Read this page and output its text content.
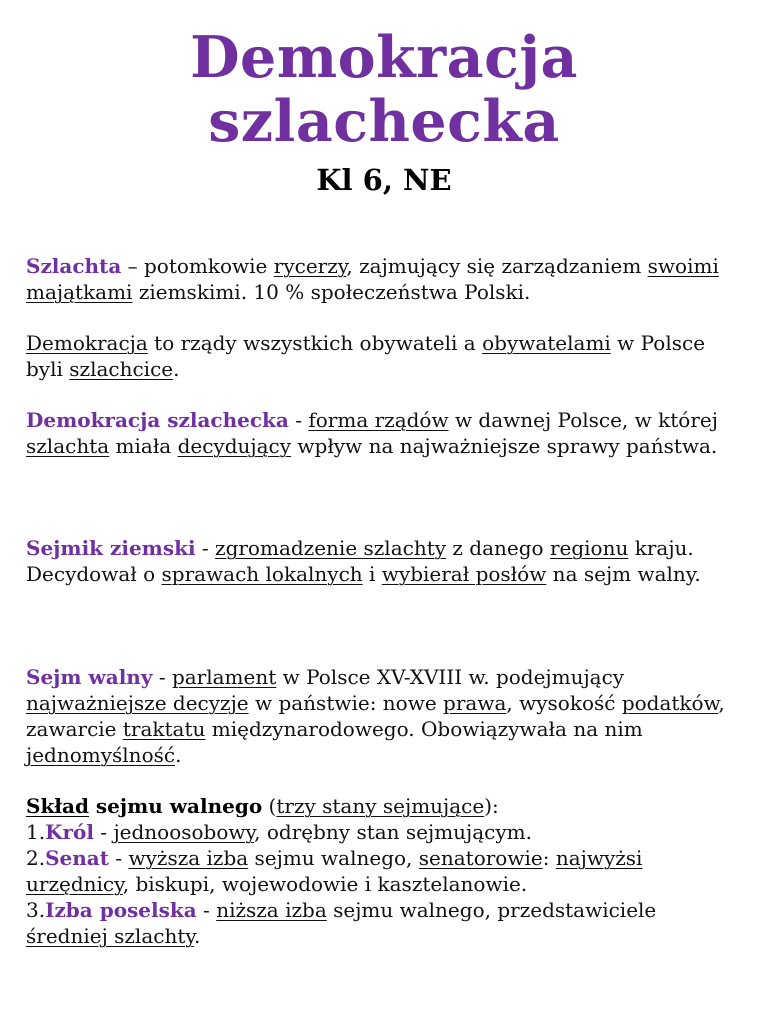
Demokracja
szlachecka
Kl 6, NE

Szlachta – potomkowie rycerzy, zajmujący się zarządzaniem swoimi majątkami ziemskimi. 10 % społeczeństwa Polski.

Demokracja to rządy wszystkich obywateli a obywatelami w Polsce byli szlachcice.

Demokracja szlachecka - forma rządów w dawnej Polsce, w której szlachta miała decydujący wpływ na najważniejsze sprawy państwa.

Sejmik ziemski - zgromadzenie szlachty z danego regionu kraju. Decydował o sprawach lokalnych i wybierał posłów na sejm walny.

Sejm walny - parlament w Polsce XV-XVIII w. podejmujący najważniejsze decyzje w państwie: nowe prawa, wysokość podatków, zawarcie traktatu międzynarodowego. Obowiązywała na nim jednomyślność.

Skład sejmu walnego (trzy stany sejmujące):
1.Król - jednoosobowy, odrębny stan sejmującym.
2.Senat - wyższa izba sejmu walnego, senatorowie: najwyżsi urzędnicy, biskupi, wojewodowie i kasztelanowie.
3.Izba poselska - niższa izba sejmu walnego, przedstawiciele średniej szlachty.
